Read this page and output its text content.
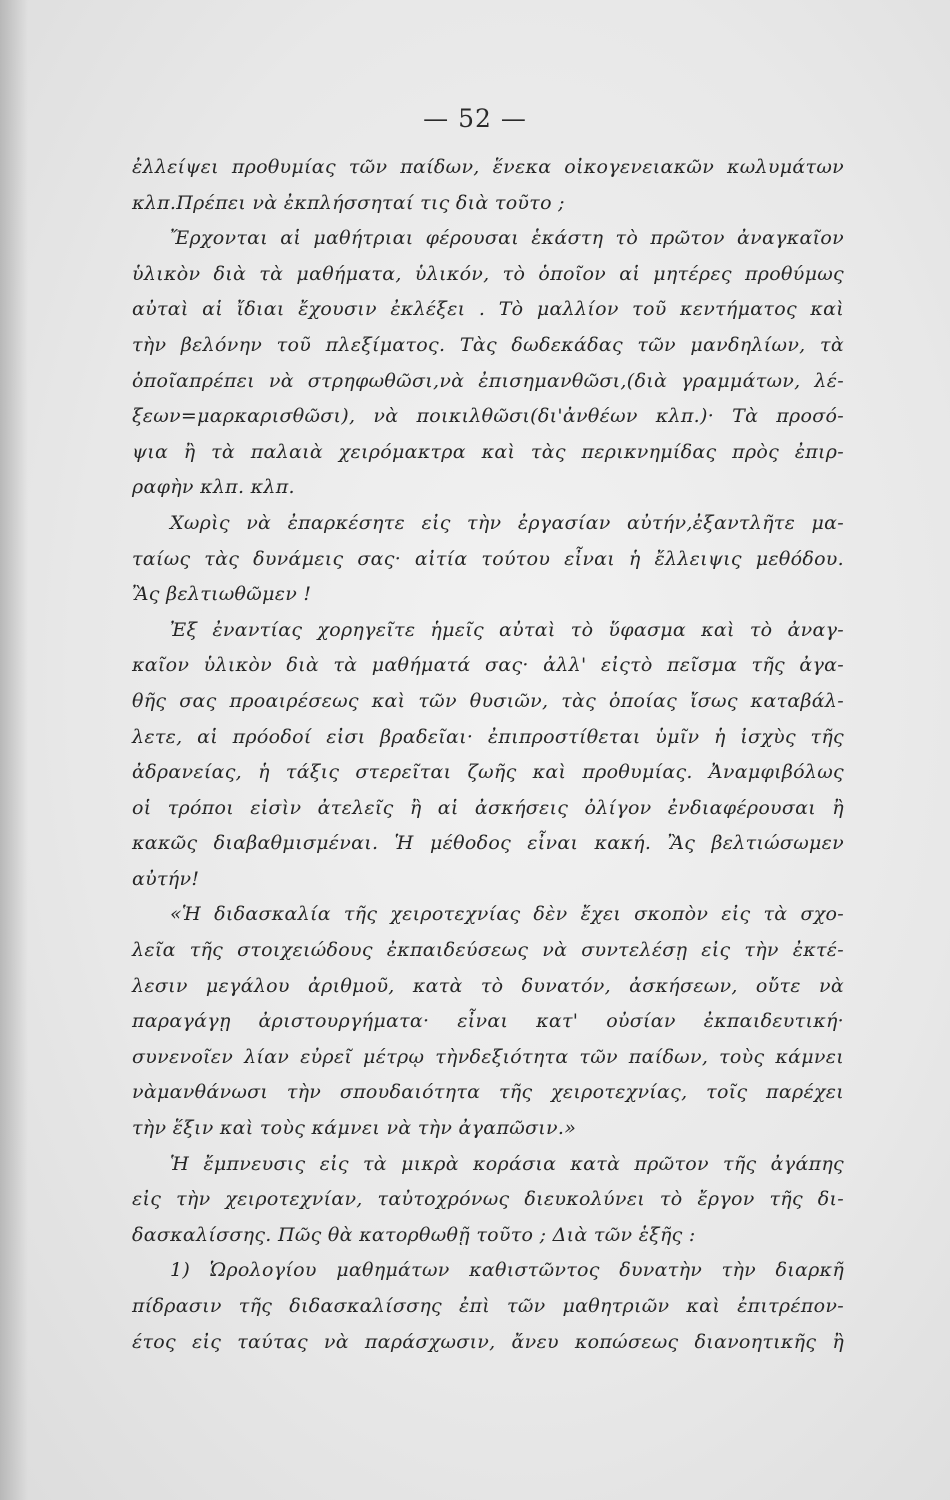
— 52 —
ἐλλείψει προθυμίας τῶν παίδων, ἕνεκα οἰκογενειακῶν κωλυμάτων
κλπ.Πρέπει νὰ ἐκπλήσσηταί τις διὰ τοῦτο ;
Ἔρχονται αἱ μαθήτριαι φέρουσαι ἑκάστη τὸ πρῶτον ἀναγκαῖον
ὑλικὸν διὰ τὰ μαθήματα, ὑλικόν, τὸ ὁποῖον αἱ μητέρες προθύμως
αὐταὶ αἱ ἴδιαι ἔχουσιν ἐκλέξει . Τὸ μαλλίον τοῦ κεντήματος καὶ
τὴν βελόνην τοῦ πλεξίματος. Τὰς δωδεκάδας τῶν μανδηλίων, τὰ
ὁποῖαπρέπει νὰ στρηφωθῶσι,νὰ ἐπισημανθῶσι,(διὰ γραμμάτων, λέ-
ξεων=μαρκαρισθῶσι), νὰ ποικιλθῶσι(δι'ἀνθέων κλπ.)· Τὰ προσό-
ψια ἢ τὰ παλαιὰ χειρόμακτρα καὶ τὰς περικνημίδας πρὸς ἐπιρ-
ραφὴν κλπ. κλπ.
Χωρὶς νὰ ἐπαρκέσητε εἰς τὴν ἐργασίαν αὐτήν,ἐξαντλῆτε μα-
ταίως τὰς δυνάμεις σας· αἰτία τούτου εἶναι ἡ ἔλλειψις μεθόδου.
Ἂς βελτιωθῶμεν !
Ἐξ ἐναντίας χορηγεῖτε ἡμεῖς αὐταὶ τὸ ὕφασμα καὶ τὸ ἀναγ-
καῖον ὑλικὸν διὰ τὰ μαθήματά σας· ἀλλ' εἰςτὸ πεῖσμα τῆς ἀγα-
θῆς σας προαιρέσεως καὶ τῶν θυσιῶν, τὰς ὁποίας ἴσως καταβάλ-
λετε, αἱ πρόοδοί εἰσι βραδεῖαι· ἐπιπροστίθεται ὑμῖν ἡ ἰσχὺς τῆς
ἀδρανείας, ἡ τάξις στερεῖται ζωῆς καὶ προθυμίας. Ἀναμφιβόλως
οἱ τρόποι εἰσὶν ἀτελεῖς ἢ αἱ ἀσκήσεις ὀλίγον ἐνδιαφέρουσαι ἢ
κακῶς διαβαθμισμέναι. Ἡ μέθοδος εἶναι κακή. Ἂς βελτιώσωμεν
αὐτήν!
«Ἡ διδασκαλία τῆς χειροτεχνίας δὲν ἔχει σκοπὸν εἰς τὰ σχο-
λεῖα τῆς στοιχειώδους ἐκπαιδεύσεως νὰ συντελέσῃ εἰς τὴν ἐκτέ-
λεσιν μεγάλου ἀριθμοῦ, κατὰ τὸ δυνατόν, ἀσκήσεων, οὔτε νὰ
παραγάγῃ ἀριστουργήματα· εἶναι κατ' οὐσίαν ἐκπαιδευτική·
συνενοῖεν λίαν εὐρεῖ μέτρῳ τὴνδεξιότητα τῶν παίδων, τοὺς κάμνει
νὰμανθάνωσι τὴν σπουδαιότητα τῆς χειροτεχνίας, τοῖς παρέχει
τὴν ἕξιν καὶ τοὺς κάμνει νὰ τὴν ἀγαπῶσιν.»
Ἡ ἔμπνευσις εἰς τὰ μικρὰ κοράσια κατὰ πρῶτον τῆς ἀγάπης
εἰς τὴν χειροτεχνίαν, ταὐτοχρόνως διευκολύνει τὸ ἔργον τῆς δι-
δασκαλίσσης. Πῶς θὰ κατορθωθῇ τοῦτο ; Διὰ τῶν ἑξῆς :
1) Ὡρολογίου μαθημάτων καθιστῶντος δυνατὴν τὴν διαρκῆ
πίδρασιν τῆς διδασκαλίσσης ἐπὶ τῶν μαθητριῶν καὶ ἐπιτρέπον-
έτος εἰς ταύτας νὰ παράσχωσιν, ἄνευ κοπώσεως διανοητικῆς ἢ
